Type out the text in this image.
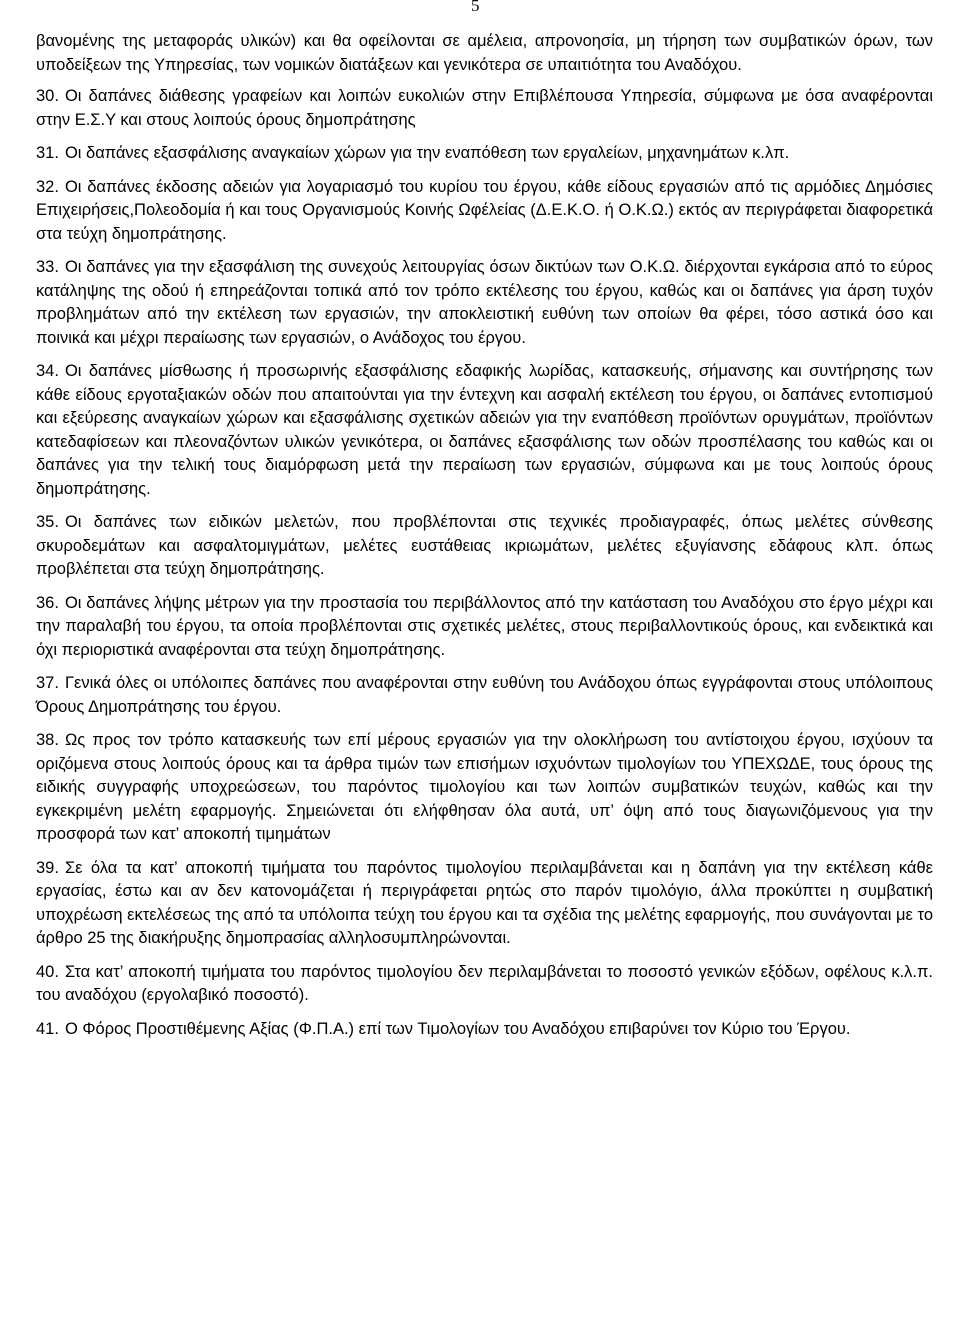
5

βανομένης της μεταφοράς υλικών) και θα οφείλονται σε αμέλεια, απρονοησία, μη τήρηση των συμβατικών όρων, των υποδείξεων της Υπηρεσίας, των νομικών διατάξεων και γενικότερα σε υπαιτιότητα του Αναδόχου.

30. Οι δαπάνες διάθεσης γραφείων και λοιπών ευκολιών στην Επιβλέπουσα Υπηρεσία, σύμφωνα με όσα αναφέρονται στην Ε.Σ.Υ και στους λοιπούς όρους δημοπράτησης

31. Οι δαπάνες εξασφάλισης αναγκαίων χώρων για την εναπόθεση των εργαλείων, μηχανημάτων κ.λπ.

32. Οι δαπάνες έκδοσης αδειών για λογαριασμό του κυρίου του έργου, κάθε είδους εργασιών από τις αρμόδιες Δημόσιες Επιχειρήσεις,Πολεοδομία ή και τους Οργανισμούς Κοινής Ωφέλείας (Δ.Ε.Κ.Ο. ή Ο.Κ.Ω.) εκτός αν περιγράφεται διαφορετικά στα τεύχη δημοπράτησης.

33. Οι δαπάνες για την εξασφάλιση της συνεχούς λειτουργίας όσων δικτύων των Ο.Κ.Ω. διέρχονται εγκάρσια από το εύρος κατάληψης της οδού ή επηρεάζονται τοπικά από τον τρόπο εκτέλεσης του έργου, καθώς και οι δαπάνες για άρση τυχόν προβλημάτων από την εκτέλεση των εργασιών, την αποκλειστική ευθύνη των οποίων θα φέρει, τόσο αστικά όσο και ποινικά και μέχρι περαίωσης των εργασιών, ο Ανάδοχος του έργου.

34. Οι δαπάνες μίσθωσης ή προσωρινής εξασφάλισης εδαφικής λωρίδας, κατασκευής, σήμανσης και συντήρησης των κάθε είδους εργοταξιακών οδών που απαιτούνται για την έντεχνη και ασφαλή εκτέλεση του έργου, οι δαπάνες εντοπισμού και εξεύρεσης αναγκαίων χώρων και εξασφάλισης σχετικών αδειών για την εναπόθεση προϊόντων ορυγμάτων, προϊόντων κατεδαφίσεων και πλεοναζόντων υλικών γενικότερα, οι δαπάνες εξασφάλισης των οδών προσπέλασης του καθώς και οι δαπάνες για την τελική τους διαμόρφωση μετά την περαίωση των εργασιών, σύμφωνα και με τους λοιπούς όρους δημοπράτησης.

35. Οι δαπάνες των ειδικών μελετών, που προβλέπονται στις τεχνικές προδιαγραφές, όπως μελέτες σύνθεσης σκυροδεμάτων και ασφαλτομιγμάτων, μελέτες ευστάθειας ικριωμάτων, μελέτες εξυγίανσης εδάφους κλπ. όπως προβλέπεται στα τεύχη δημοπράτησης.

36. Οι δαπάνες λήψης μέτρων για την προστασία του περιβάλλοντος από την κατάσταση του Αναδόχου στο έργο μέχρι και την παραλαβή του έργου, τα οποία προβλέπονται στις σχετικές μελέτες, στους περιβαλλοντικούς όρους, και ενδεικτικά και όχι περιοριστικά αναφέρονται στα τεύχη δημοπράτησης.

37. Γενικά όλες οι υπόλοιπες δαπάνες που αναφέρονται στην ευθύνη του Ανάδοχου όπως εγγράφονται στους υπόλοιπους Όρους Δημοπράτησης του έργου.

38. Ως προς τον τρόπο κατασκευής των επί μέρους εργασιών για την ολοκλήρωση του αντίστοιχου έργου, ισχύουν τα οριζόμενα στους λοιπούς όρους και τα άρθρα τιμών των επισήμων ισχυόντων τιμολογίων του ΥΠΕΧΩΔΕ, τους όρους της ειδικής συγγραφής υποχρεώσεων, του παρόντος τιμολογίου και των λοιπών συμβατικών τευχών, καθώς και την εγκεκριμένη μελέτη εφαρμογής. Σημειώνεται ότι ελήφθησαν όλα αυτά, υπ’ όψη από τους διαγωνιζόμενους για την προσφορά των κατ’ αποκοπή τιμημάτων

39. Σε όλα τα κατ’ αποκοπή τιμήματα του παρόντος τιμολογίου περιλαμβάνεται και η δαπάνη για την εκτέλεση κάθε εργασίας, έστω και αν δεν κατονομάζεται ή περιγράφεται ρητώς στο παρόν τιμολόγιο, άλλα προκύπτει η συμβατική υποχρέωση εκτελέσεως της από τα υπόλοιπα τεύχη του έργου και τα σχέδια της μελέτης εφαρμογής, που συνάγονται με το άρθρο 25 της διακήρυξης δημοπρασίας αλληλοσυμπληρώνονται.

40. Στα κατ’ αποκοπή τιμήματα του παρόντος τιμολογίου δεν περιλαμβάνεται το ποσοστό γενικών εξόδων, οφέλους κ.λ.π. του αναδόχου (εργολαβικό ποσοστό).

41. Ο Φόρος Προστιθέμενης Αξίας (Φ.Π.Α.) επί των Τιμολογίων του Αναδόχου επιβαρύνει τον Κύριο του Έργου.
